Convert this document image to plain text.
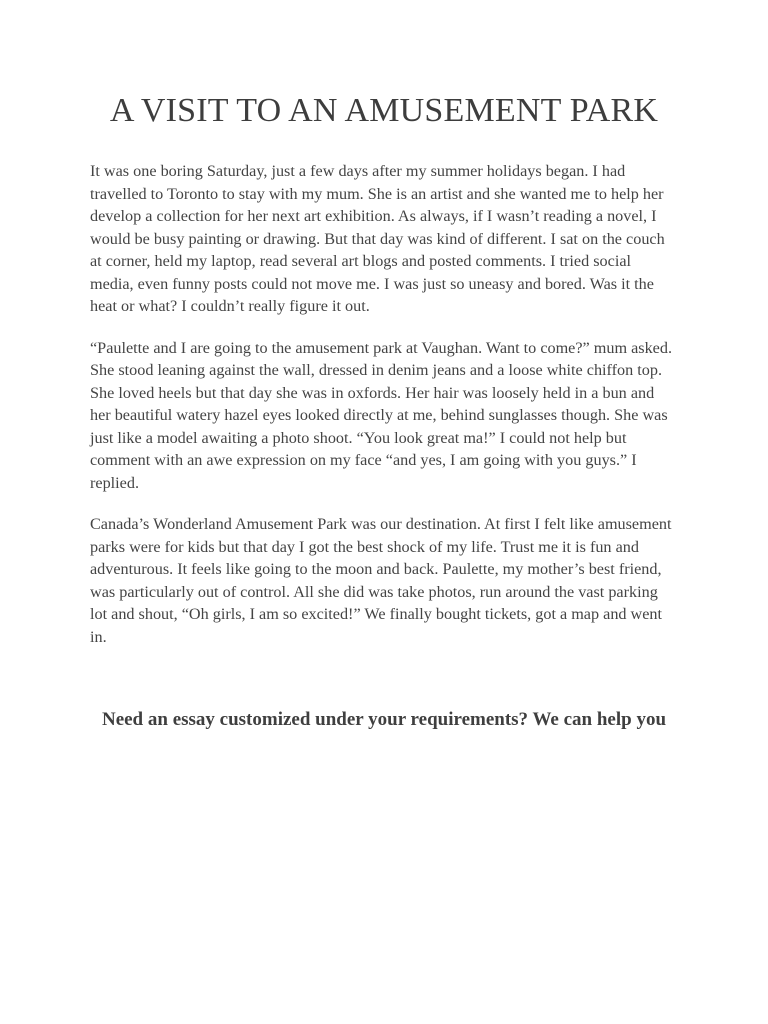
A VISIT TO AN AMUSEMENT PARK

It was one boring Saturday, just a few days after my summer holidays began. I had travelled to Toronto to stay with my mum. She is an artist and she wanted me to help her develop a collection for her next art exhibition. As always, if I wasn’t reading a novel, I would be busy painting or drawing. But that day was kind of different. I sat on the couch at corner, held my laptop, read several art blogs and posted comments. I tried social media, even funny posts could not move me. I was just so uneasy and bored. Was it the heat or what? I couldn’t really figure it out.

“Paulette and I are going to the amusement park at Vaughan. Want to come?” mum asked. She stood leaning against the wall, dressed in denim jeans and a loose white chiffon top. She loved heels but that day she was in oxfords. Her hair was loosely held in a bun and her beautiful watery hazel eyes looked directly at me, behind sunglasses though. She was just like a model awaiting a photo shoot. “You look great ma!” I could not help but comment with an awe expression on my face “and yes, I am going with you guys.” I replied.

Canada’s Wonderland Amusement Park was our destination. At first I felt like amusement parks were for kids but that day I got the best shock of my life. Trust me it is fun and adventurous. It feels like going to the moon and back. Paulette, my mother’s best friend, was particularly out of control. All she did was take photos, run around the vast parking lot and shout, “Oh girls, I am so excited!” We finally bought tickets, got a map and went in.

Need an essay customized under your requirements? We can help you
